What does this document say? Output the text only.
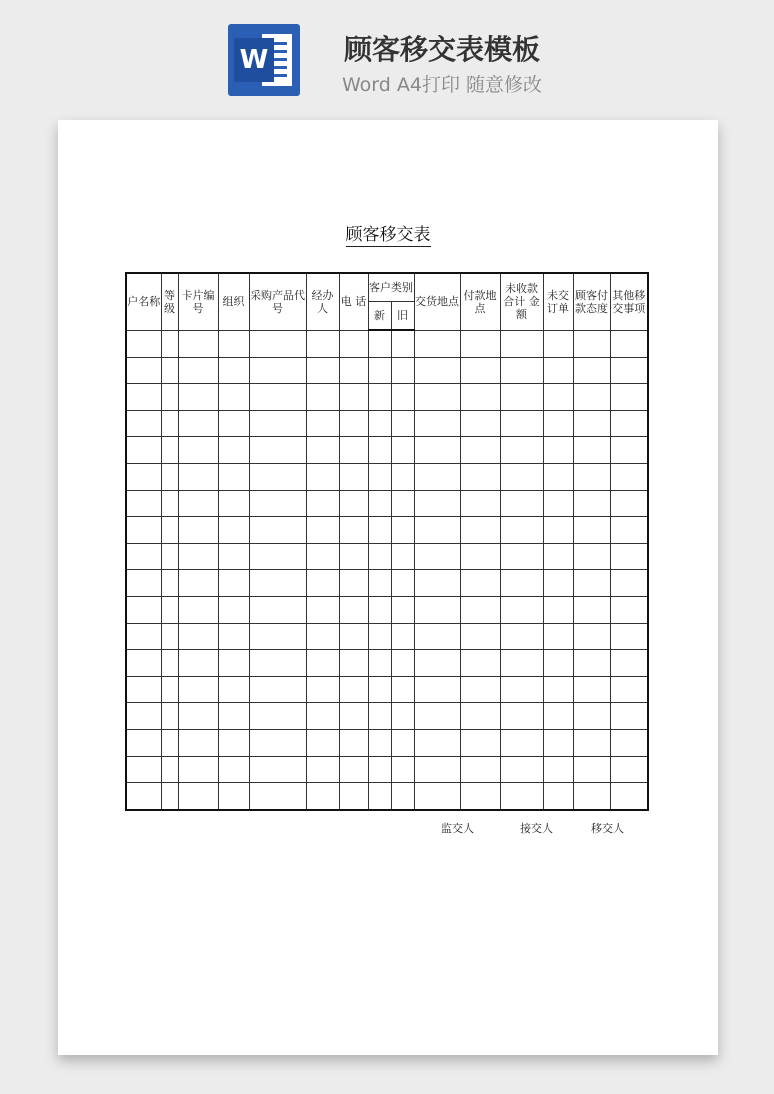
W	顾客移交表模板
Word A4打印 随意修改
顾客移交表
户名称	等级	卡片编号	组织	采购产品代号	经办人	电 话	客户类别		交货地点	付款地点	未收款合计 金 额	未交订单	顾客付款态度	其他移交事项
							新	旧						

监交人	接交人	移交人
